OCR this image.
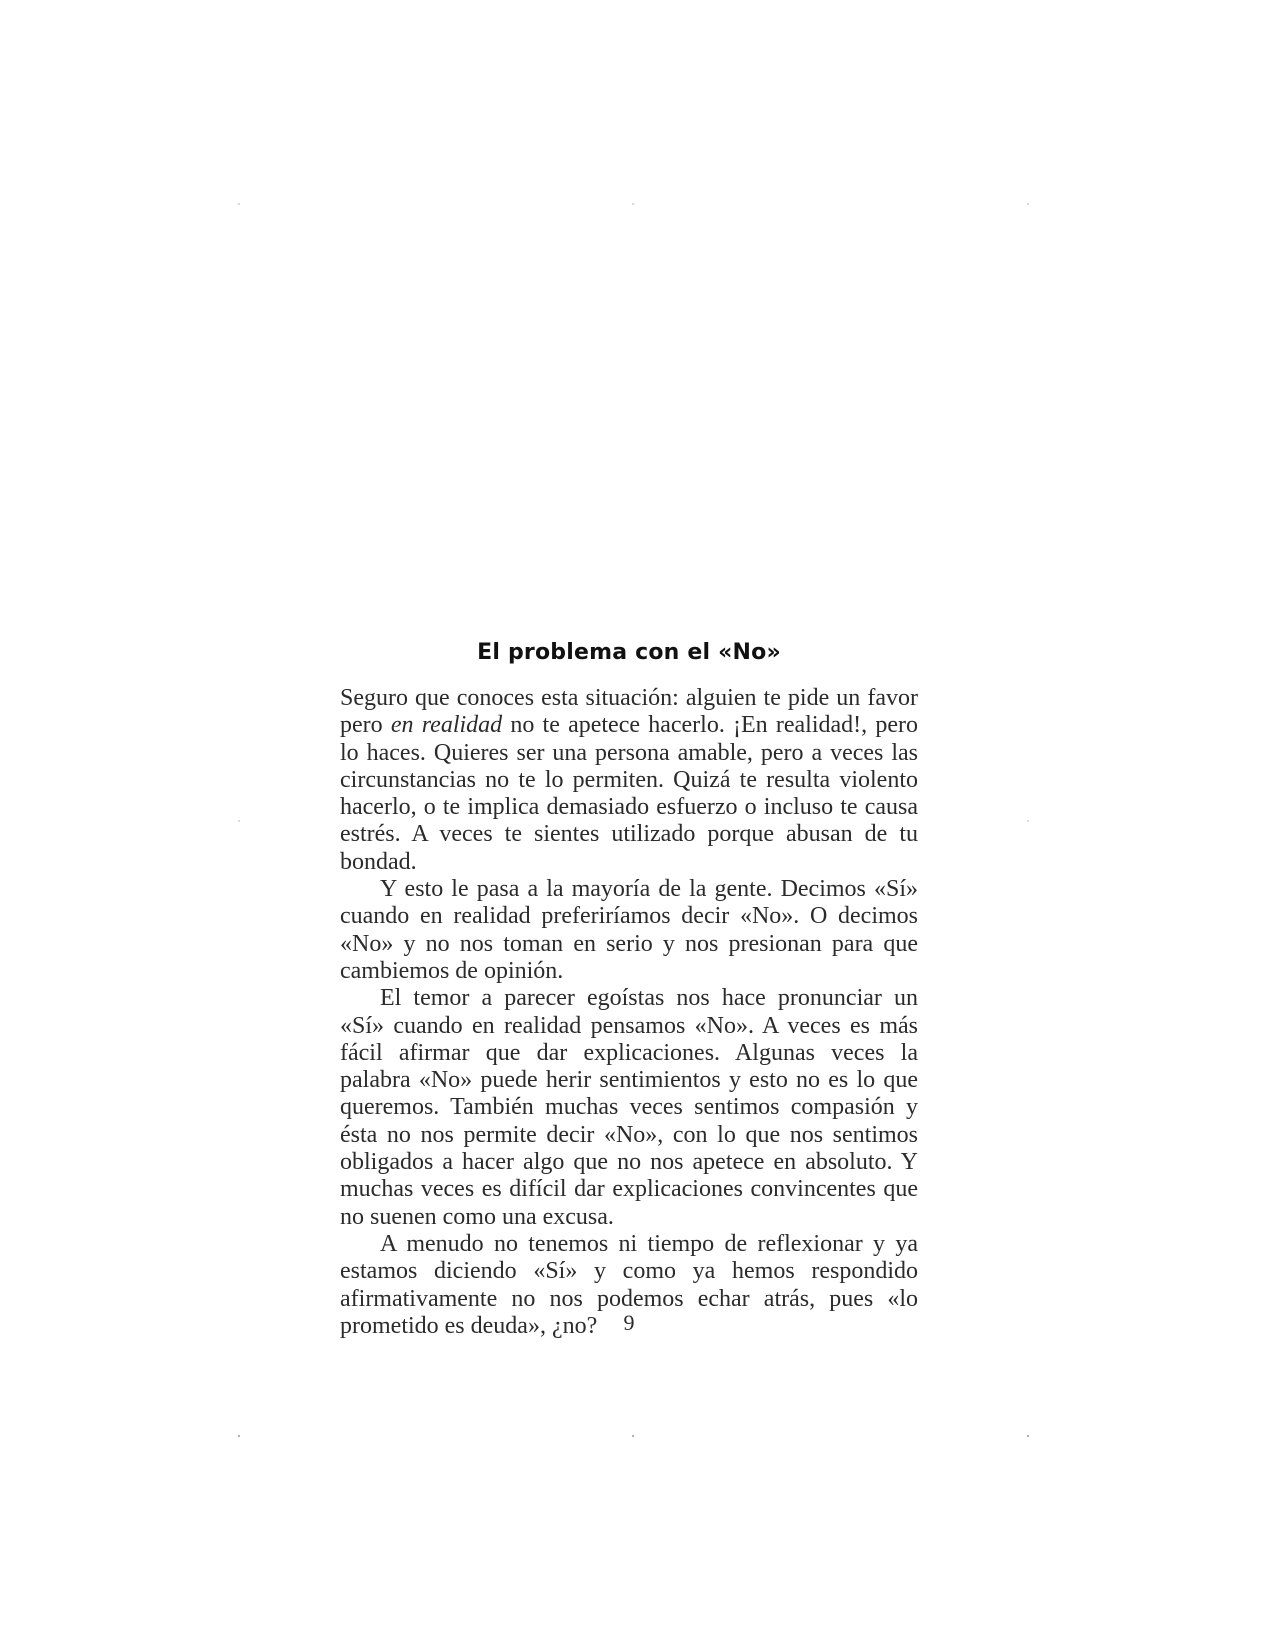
El problema con el «No»

Seguro que conoces esta situación: alguien te pide un favor pero en realidad no te apetece hacerlo. ¡En realidad!, pero lo haces. Quieres ser una persona amable, pero a veces las circunstancias no te lo permiten. Quizá te resulta violento hacerlo, o te implica demasiado esfuerzo o incluso te causa estrés. A veces te sientes utilizado porque abusan de tu bondad.

Y esto le pasa a la mayoría de la gente. Decimos «Sí» cuando en realidad preferiríamos decir «No». O decimos «No» y no nos toman en serio y nos presionan para que cambiemos de opinión.

El temor a parecer egoístas nos hace pronunciar un «Sí» cuando en realidad pensamos «No». A veces es más fácil afirmar que dar explicaciones. Algunas veces la palabra «No» puede herir sentimientos y esto no es lo que queremos. También muchas veces sentimos compasión y ésta no nos permite decir «No», con lo que nos sentimos obligados a hacer algo que no nos apetece en absoluto. Y muchas veces es difícil dar explicaciones convincentes que no suenen como una excusa.

A menudo no tenemos ni tiempo de reflexionar y ya estamos diciendo «Sí» y como ya hemos respondido afirmativamente no nos podemos echar atrás, pues «lo prometido es deuda», ¿no?	9
